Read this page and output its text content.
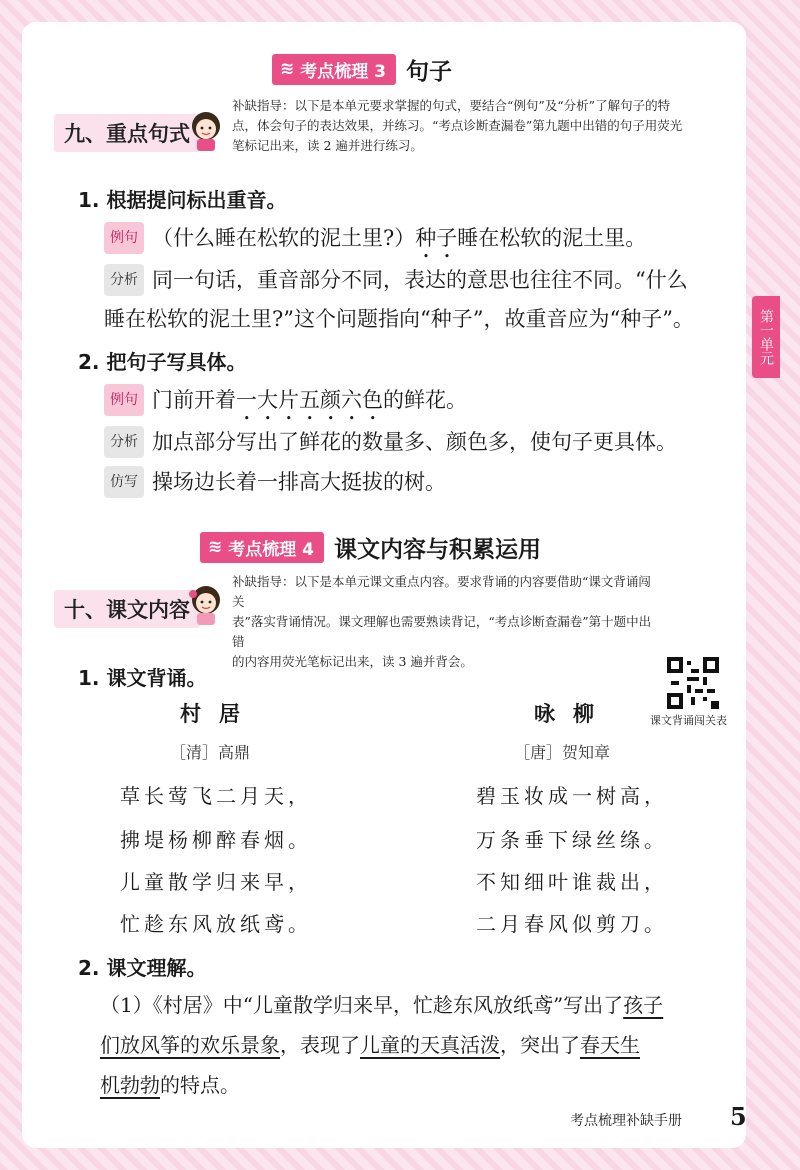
第一单元
≋ 考点梳理 3 句子
九、重点句式
补缺指导：以下是本单元要求掌握的句式，要结合“例句”及“分析”了解句子的特
点，体会句子的表达效果，并练习。“考点诊断查漏卷”第九题中出错的句子用荧光
笔标记出来，读 2 遍并进行练习。
1. 根据提问标出重音。
例句 （什么睡在松软的泥土里?）种子睡在松软的泥土里。
分析 同一句话，重音部分不同，表达的意思也往往不同。“什么
睡在松软的泥土里?”这个问题指向“种子”，故重音应为“种子”。
2. 把句子写具体。
例句 门前开着一大片五颜六色的鲜花。
分析 加点部分写出了鲜花的数量多、颜色多，使句子更具体。
仿写 操场边长着一排高大挺拔的树。
≋ 考点梳理 4 课文内容与积累运用
十、课文内容
补缺指导：以下是本单元课文重点内容。要求背诵的内容要借助“课文背诵闯关
表”落实背诵情况。课文理解也需要熟读背记，“考点诊断查漏卷”第十题中出错
的内容用荧光笔标记出来，读 3 遍并背会。
1. 课文背诵。
课文背诵闯关表
村居
［清］高鼎
草长莺飞二月天，
拂堤杨柳醉春烟。
儿童散学归来早，
忙趁东风放纸鸢。
咏柳
［唐］贺知章
碧玉妆成一树高，
万条垂下绿丝绦。
不知细叶谁裁出，
二月春风似剪刀。
2. 课文理解。
（1）《村居》中“儿童散学归来早，忙趁东风放纸鸢”写出了孩子
们放风筝的欢乐景象，表现了儿童的天真活泼，突出了春天生
机勃勃的特点。
考点梳理补缺手册 5
